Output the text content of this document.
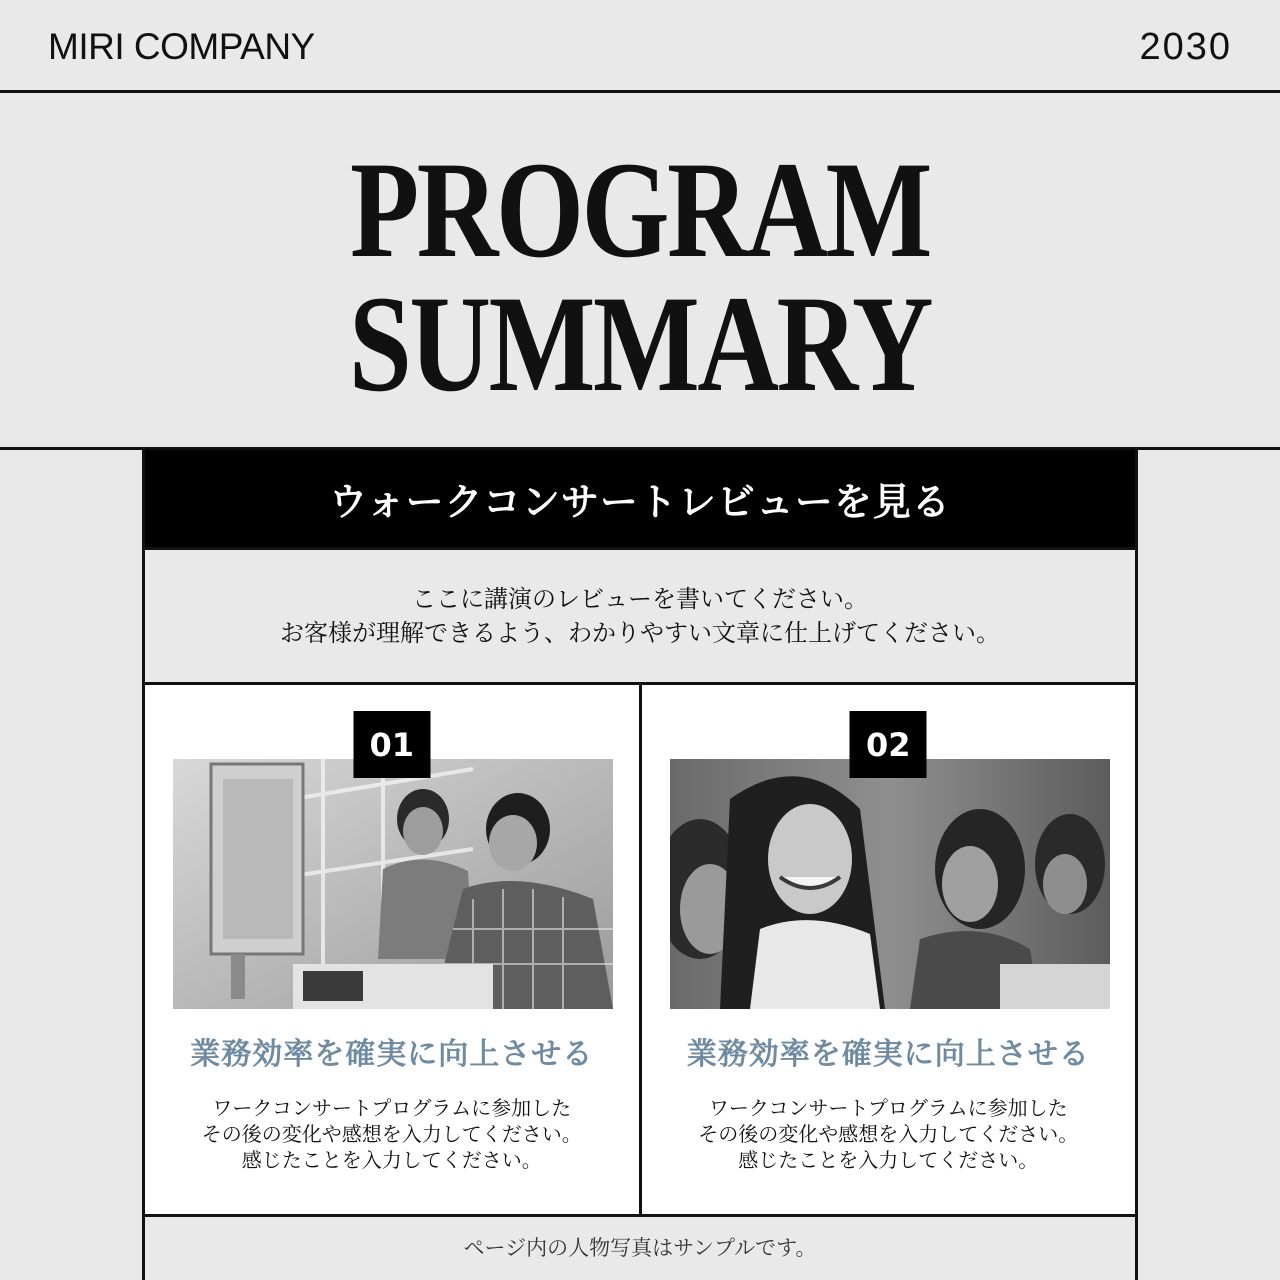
MIRI COMPANY	2030
PROGRAM
SUMMARY
ウォークコンサートレビューを見る
ここに講演のレビューを書いてください。
お客様が理解できるよう、わかりやすい文章に仕上げてください。
01
業務効率を確実に向上させる
ワークコンサートプログラムに参加した
その後の変化や感想を入力してください。
感じたことを入力してください。
02
業務効率を確実に向上させる
ワークコンサートプログラムに参加した
その後の変化や感想を入力してください。
感じたことを入力してください。
ページ内の人物写真はサンプルです。
